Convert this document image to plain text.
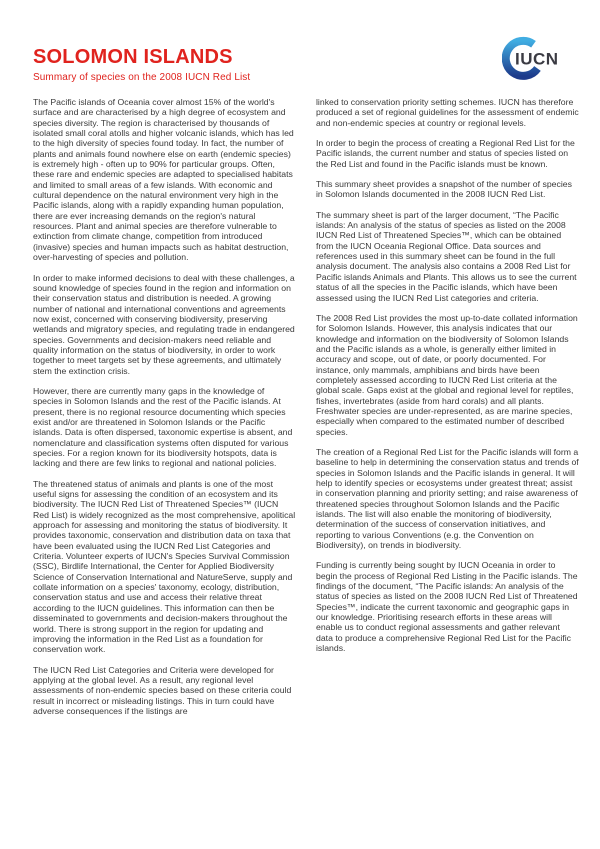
SOLOMON ISLANDS
Summary of species on the 2008 IUCN Red List
IUCN

The Pacific islands of Oceania cover almost 15% of the world's surface and are characterised by a high degree of ecosystem and species diversity. The region is characterised by thousands of isolated small coral atolls and higher volcanic islands, which has led to the high diversity of species found today. In fact, the number of plants and animals found nowhere else on earth (endemic species) is extremely high - often up to 90% for particular groups. Often, these rare and endemic species are adapted to specialised habitats and limited to small areas of a few islands. With economic and cultural dependence on the natural environment very high in the Pacific islands, along with a rapidly expanding human population, there are ever increasing demands on the region's natural resources. Plant and animal species are therefore vulnerable to extinction from climate change, competition from introduced (invasive) species and human impacts such as habitat destruction, over-harvesting of species and pollution.

In order to make informed decisions to deal with these challenges, a sound knowledge of species found in the region and information on their conservation status and distribution is needed. A growing number of national and international conventions and agreements now exist, concerned with conserving biodiversity, preserving wetlands and migratory species, and regulating trade in endangered species. Governments and decision-makers need reliable and quality information on the status of biodiversity, in order to work together to meet targets set by these agreements, and ultimately stem the extinction crisis.

However, there are currently many gaps in the knowledge of species in Solomon Islands and the rest of the Pacific islands. At present, there is no regional resource documenting which species exist and/or are threatened in Solomon Islands or the Pacific islands. Data is often dispersed, taxonomic expertise is absent, and nomenclature and classification systems often disputed for various species. For a region known for its biodiversity hotspots, data is lacking and there are few links to regional and national policies.

The threatened status of animals and plants is one of the most useful signs for assessing the condition of an ecosystem and its biodiversity. The IUCN Red List of Threatened Species™ (IUCN Red List) is widely recognized as the most comprehensive, apolitical approach for assessing and monitoring the status of biodiversity. It provides taxonomic, conservation and distribution data on taxa that have been evaluated using the IUCN Red List Categories and Criteria. Volunteer experts of IUCN's Species Survival Commission (SSC), Birdlife International, the Center for Applied Biodiversity Science of Conservation International and NatureServe, supply and collate information on a species' taxonomy, ecology, distribution, conservation status and use and access their relative threat according to the IUCN guidelines. This information can then be disseminated to governments and decision-makers throughout the world. There is strong support in the region for updating and improving the information in the Red List as a foundation for conservation work.

The IUCN Red List Categories and Criteria were developed for applying at the global level. As a result, any regional level assessments of non-endemic species based on these criteria could result in incorrect or misleading listings. This in turn could have adverse consequences if the listings are

linked to conservation priority setting schemes. IUCN has therefore produced a set of regional guidelines for the assessment of endemic and non-endemic species at country or regional levels.

In order to begin the process of creating a Regional Red List for the Pacific islands, the current number and status of species listed on the Red List and found in the Pacific islands must be known.

This summary sheet provides a snapshot of the number of species in Solomon Islands documented in the 2008 IUCN Red List.

The summary sheet is part of the larger document, “The Pacific islands: An analysis of the status of species as listed on the 2008 IUCN Red List of Threatened Species™, which can be obtained from the IUCN Oceania Regional Office. Data sources and references used in this summary sheet can be found in the full analysis document. The analysis also contains a 2008 Red List for Pacific islands Animals and Plants. This allows us to see the current status of all the species in the Pacific islands, which have been assessed using the IUCN Red List categories and criteria.

The 2008 Red List provides the most up-to-date collated information for Solomon Islands. However, this analysis indicates that our knowledge and information on the biodiversity of Solomon Islands and the Pacific islands as a whole, is generally either limited in accuracy and scope, out of date, or poorly documented. For instance, only mammals, amphibians and birds have been completely assessed according to IUCN Red List criteria at the global scale. Gaps exist at the global and regional level for reptiles, fishes, invertebrates (aside from hard corals) and all plants. Freshwater species are under-represented, as are marine species, especially when compared to the estimated number of described species.

The creation of a Regional Red List for the Pacific islands will form a baseline to help in determining the conservation status and trends of species in Solomon Islands and the Pacific islands in general. It will help to identify species or ecosystems under greatest threat; assist in conservation planning and priority setting; and raise awareness of threatened species throughout Solomon Islands and the Pacific islands. The list will also enable the monitoring of biodiversity, determination of the success of conservation initiatives, and reporting to various Conventions (e.g. the Convention on Biodiversity), on trends in biodiversity.

Funding is currently being sought by IUCN Oceania in order to begin the process of Regional Red Listing in the Pacific islands. The findings of the document, “The Pacific islands: An analysis of the status of species as listed on the 2008 IUCN Red List of Threatened Species™, indicate the current taxonomic and geographic gaps in our knowledge. Prioritising research efforts in these areas will enable us to conduct regional assessments and gather relevant data to produce a comprehensive Regional Red List for the Pacific islands.
